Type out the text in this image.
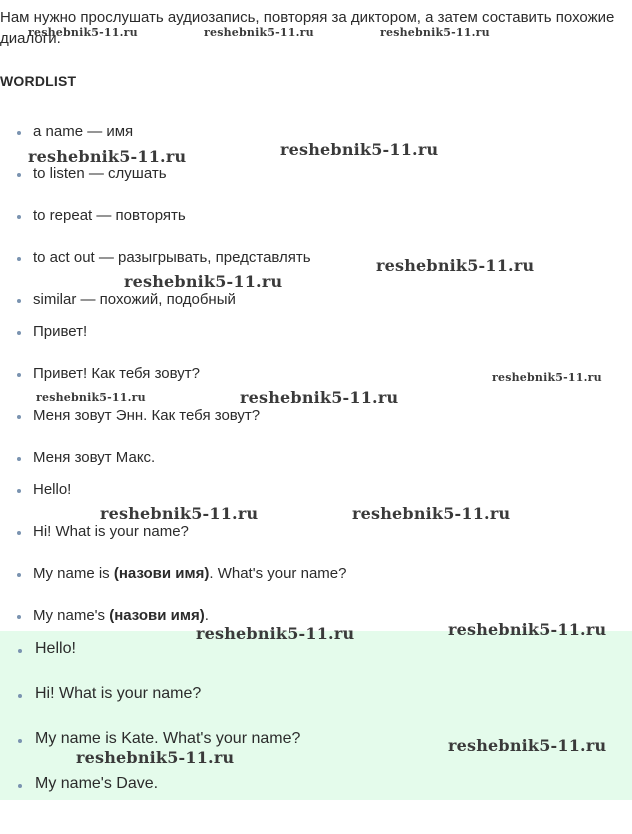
Нам нужно прослушать аудиозапись, повторяя за диктором, а затем составить похожие диалоги.

WORDLIST
a name — имя
to listen — слушать
to repeat — повторять
to act out — разыгрывать, представлять
similar — похожий, подобный
Привет!
Привет! Как тебя зовут?
Меня зовут Энн. Как тебя зовут?
Меня зовут Макс.
Hello!
Hi! What is your name?
My name is (назови имя). What's your name?
My name's (назови имя).
Hello!
Hi! What is your name?
My name is Kate. What's your name?
My name's Dave.
reshebnik5-11.ru	reshebnik5-11.ru	reshebnik5-11.ru
reshebnik5-11.ru	reshebnik5-11.ru
reshebnik5-11.ru
reshebnik5-11.ru
reshebnik5-11.ru
reshebnik5-11.ru	reshebnik5-11.ru
reshebnik5-11.ru	reshebnik5-11.ru
reshebnik5-11.ru	reshebnik5-11.ru
reshebnik5-11.ru
reshebnik5-11.ru
